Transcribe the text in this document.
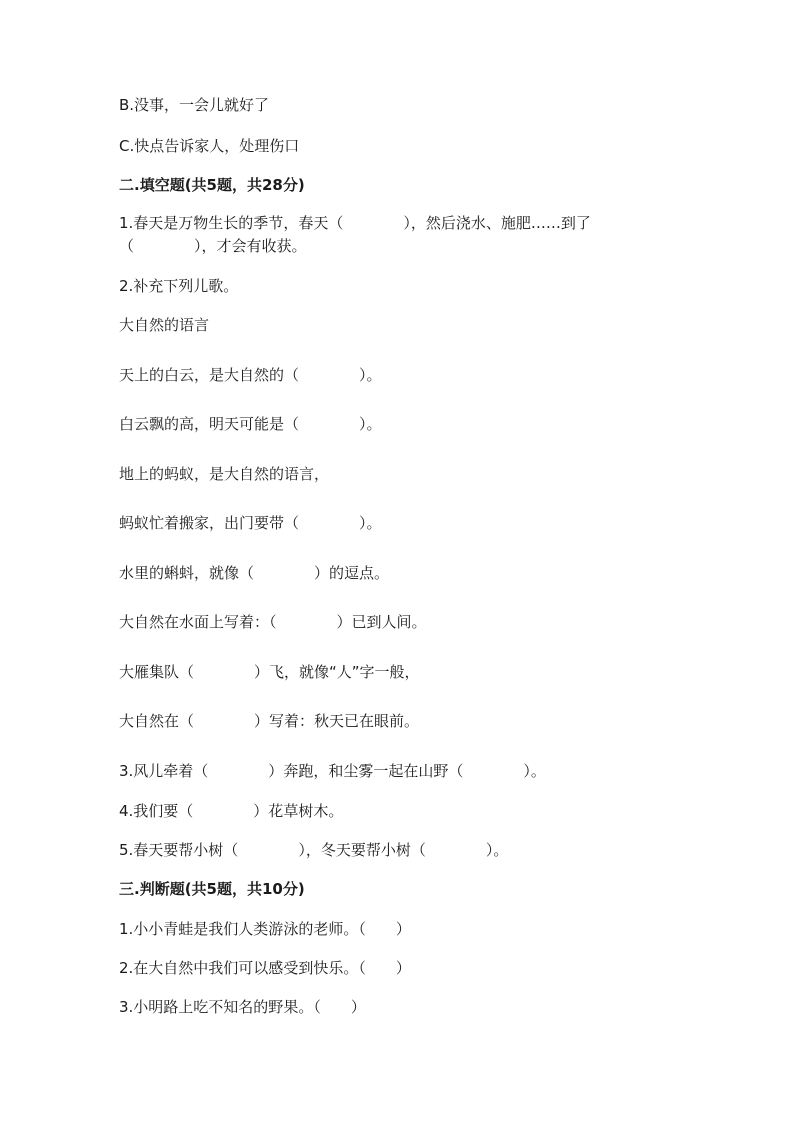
B.没事，一会儿就好了
C.快点告诉家人，处理伤口
二.填空题(共5题，共28分)
1.春天是万物生长的季节，春天（　　　　），然后浇水、施肥……到了
（　　　　），才会有收获。
2.补充下列儿歌。
大自然的语言
天上的白云，是大自然的（　　　　）。
白云飘的高，明天可能是（　　　　）。
地上的蚂蚁，是大自然的语言，
蚂蚁忙着搬家，出门要带（　　　　）。
水里的蝌蚪，就像（　　　　）的逗点。
大自然在水面上写着：（　　　　）已到人间。
大雁集队（　　　　）飞，就像“人”字一般，
大自然在（　　　　）写着：秋天已在眼前。
3.风儿牵着（　　　　）奔跑，和尘雾一起在山野（　　　　）。
4.我们要（　　　　）花草树木。
5.春天要帮小树（　　　　），冬天要帮小树（　　　　）。
三.判断题(共5题，共10分)
1.小小青蛙是我们人类游泳的老师。（　　）
2.在大自然中我们可以感受到快乐。（　　）
3.小明路上吃不知名的野果。（　　）
